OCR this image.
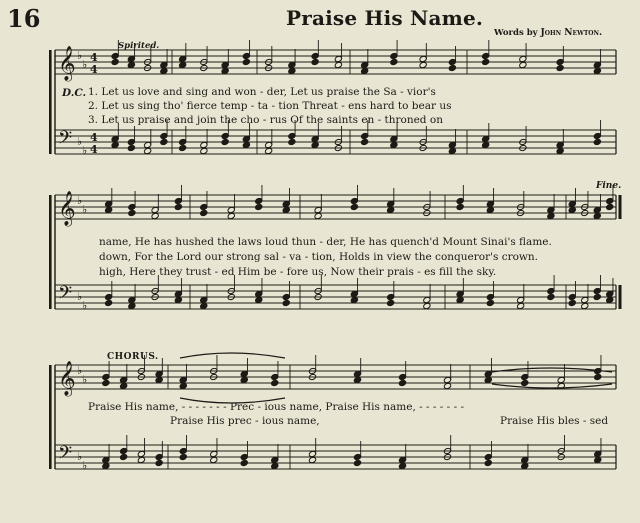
16	Praise His Name.
Words by John Newton.
Spirited.
D.C.
Fine.
CHORUS.
1. Let us love and sing and won - der, Let us praise the Sa - vior's
2. Let us sing tho' fierce temp - ta - tion Threat - ens hard to bear us
3. Let us praise and join the cho - rus Of the saints en - throned on
name, He has hushed the laws loud thun - der, He has quench'd Mount Sinai's flame.
down, For the Lord our strong sal - va - tion, Holds in view the conqueror's crown.
high, Here they trust - ed Him be - fore us, Now their prais - es fill the sky.
Praise His name, - - - - - - - Prec - ious name, Praise His name, - - - - - - -
Praise His prec - ious name,	Praise His bles - sed
𝄞
𝄢
♭
♭
♭
♭
4
4
4
4
𝄞
𝄢
♭
♭
♭
♭
𝄞
𝄢
♭
♭
♭
♭
